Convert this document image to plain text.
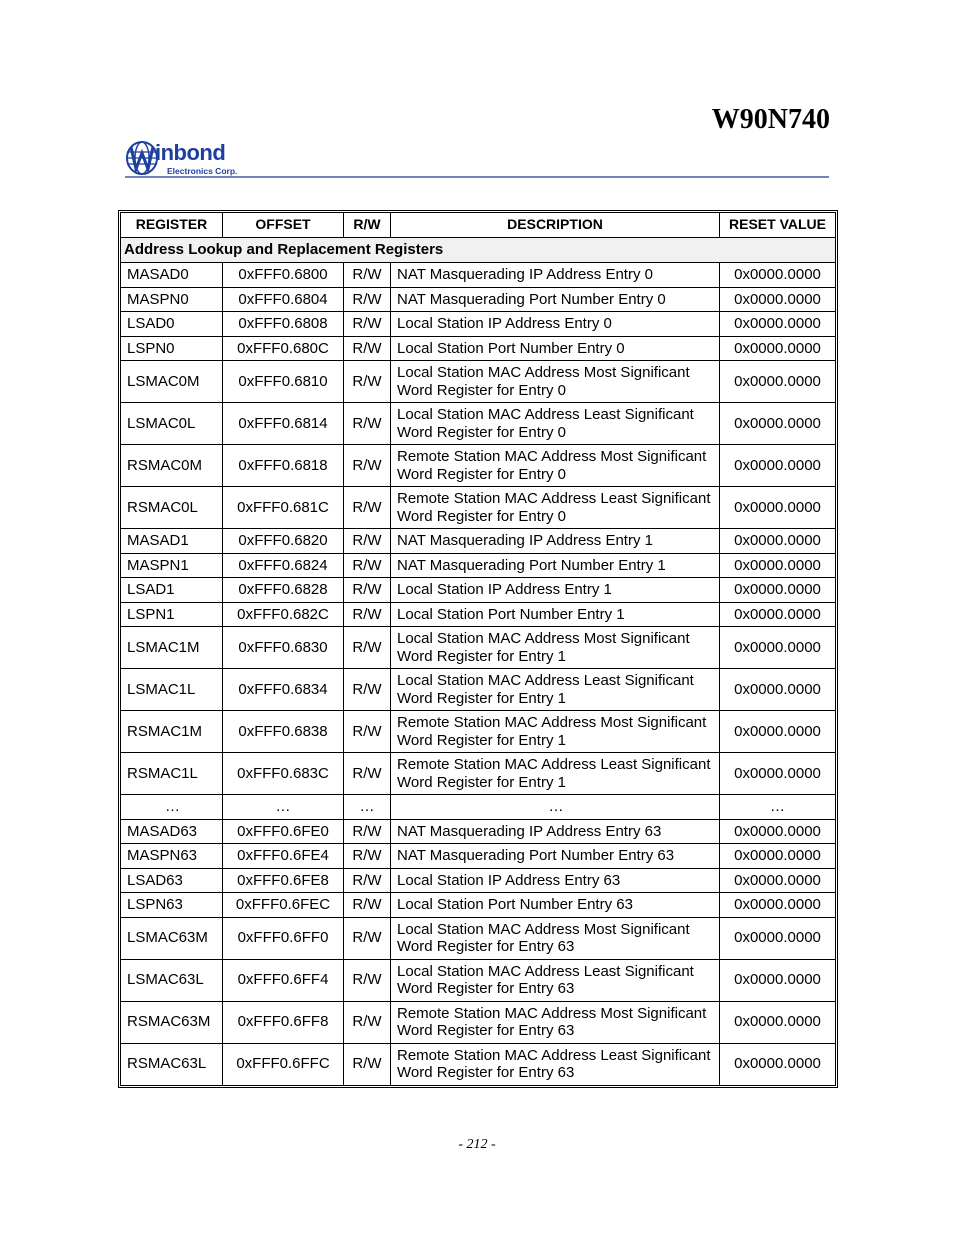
W90N740
inbond
Electronics Corp.
REGISTER	OFFSET	R/W	DESCRIPTION	RESET VALUE
Address Lookup and Replacement Registers				
MASAD0	0xFFF0.6800	R/W	NAT Masquerading IP Address Entry 0	0x0000.0000
MASPN0	0xFFF0.6804	R/W	NAT Masquerading Port Number Entry 0	0x0000.0000
LSAD0	0xFFF0.6808	R/W	Local Station IP Address Entry 0	0x0000.0000
LSPN0	0xFFF0.680C	R/W	Local Station Port Number Entry 0	0x0000.0000
LSMAC0M	0xFFF0.6810	R/W	Local Station MAC Address Most Significant Word Register for Entry 0	0x0000.0000
LSMAC0L	0xFFF0.6814	R/W	Local Station MAC Address Least Significant Word Register for Entry 0	0x0000.0000
RSMAC0M	0xFFF0.6818	R/W	Remote Station MAC Address Most Significant Word Register for Entry 0	0x0000.0000
RSMAC0L	0xFFF0.681C	R/W	Remote Station MAC Address Least Significant Word Register for Entry 0	0x0000.0000
MASAD1	0xFFF0.6820	R/W	NAT Masquerading IP Address Entry 1	0x0000.0000
MASPN1	0xFFF0.6824	R/W	NAT Masquerading Port Number Entry 1	0x0000.0000
LSAD1	0xFFF0.6828	R/W	Local Station IP Address Entry 1	0x0000.0000
LSPN1	0xFFF0.682C	R/W	Local Station Port Number Entry 1	0x0000.0000
LSMAC1M	0xFFF0.6830	R/W	Local Station MAC Address Most Significant Word Register for Entry 1	0x0000.0000
LSMAC1L	0xFFF0.6834	R/W	Local Station MAC Address Least Significant Word Register for Entry 1	0x0000.0000
RSMAC1M	0xFFF0.6838	R/W	Remote Station MAC Address Most Significant Word Register for Entry 1	0x0000.0000
RSMAC1L	0xFFF0.683C	R/W	Remote Station MAC Address Least Significant Word Register for Entry 1	0x0000.0000
…	…	…	…	…
MASAD63	0xFFF0.6FE0	R/W	NAT Masquerading IP Address Entry 63	0x0000.0000
MASPN63	0xFFF0.6FE4	R/W	NAT Masquerading Port Number Entry 63	0x0000.0000
LSAD63	0xFFF0.6FE8	R/W	Local Station IP Address Entry 63	0x0000.0000
LSPN63	0xFFF0.6FEC	R/W	Local Station Port Number Entry 63	0x0000.0000
LSMAC63M	0xFFF0.6FF0	R/W	Local Station MAC Address Most Significant Word Register for Entry 63	0x0000.0000
LSMAC63L	0xFFF0.6FF4	R/W	Local Station MAC Address Least Significant Word Register for Entry 63	0x0000.0000
RSMAC63M	0xFFF0.6FF8	R/W	Remote Station MAC Address Most Significant Word Register for Entry 63	0x0000.0000
RSMAC63L	0xFFF0.6FFC	R/W	Remote Station MAC Address Least Significant Word Register for Entry 63	0x0000.0000
- 212 -
